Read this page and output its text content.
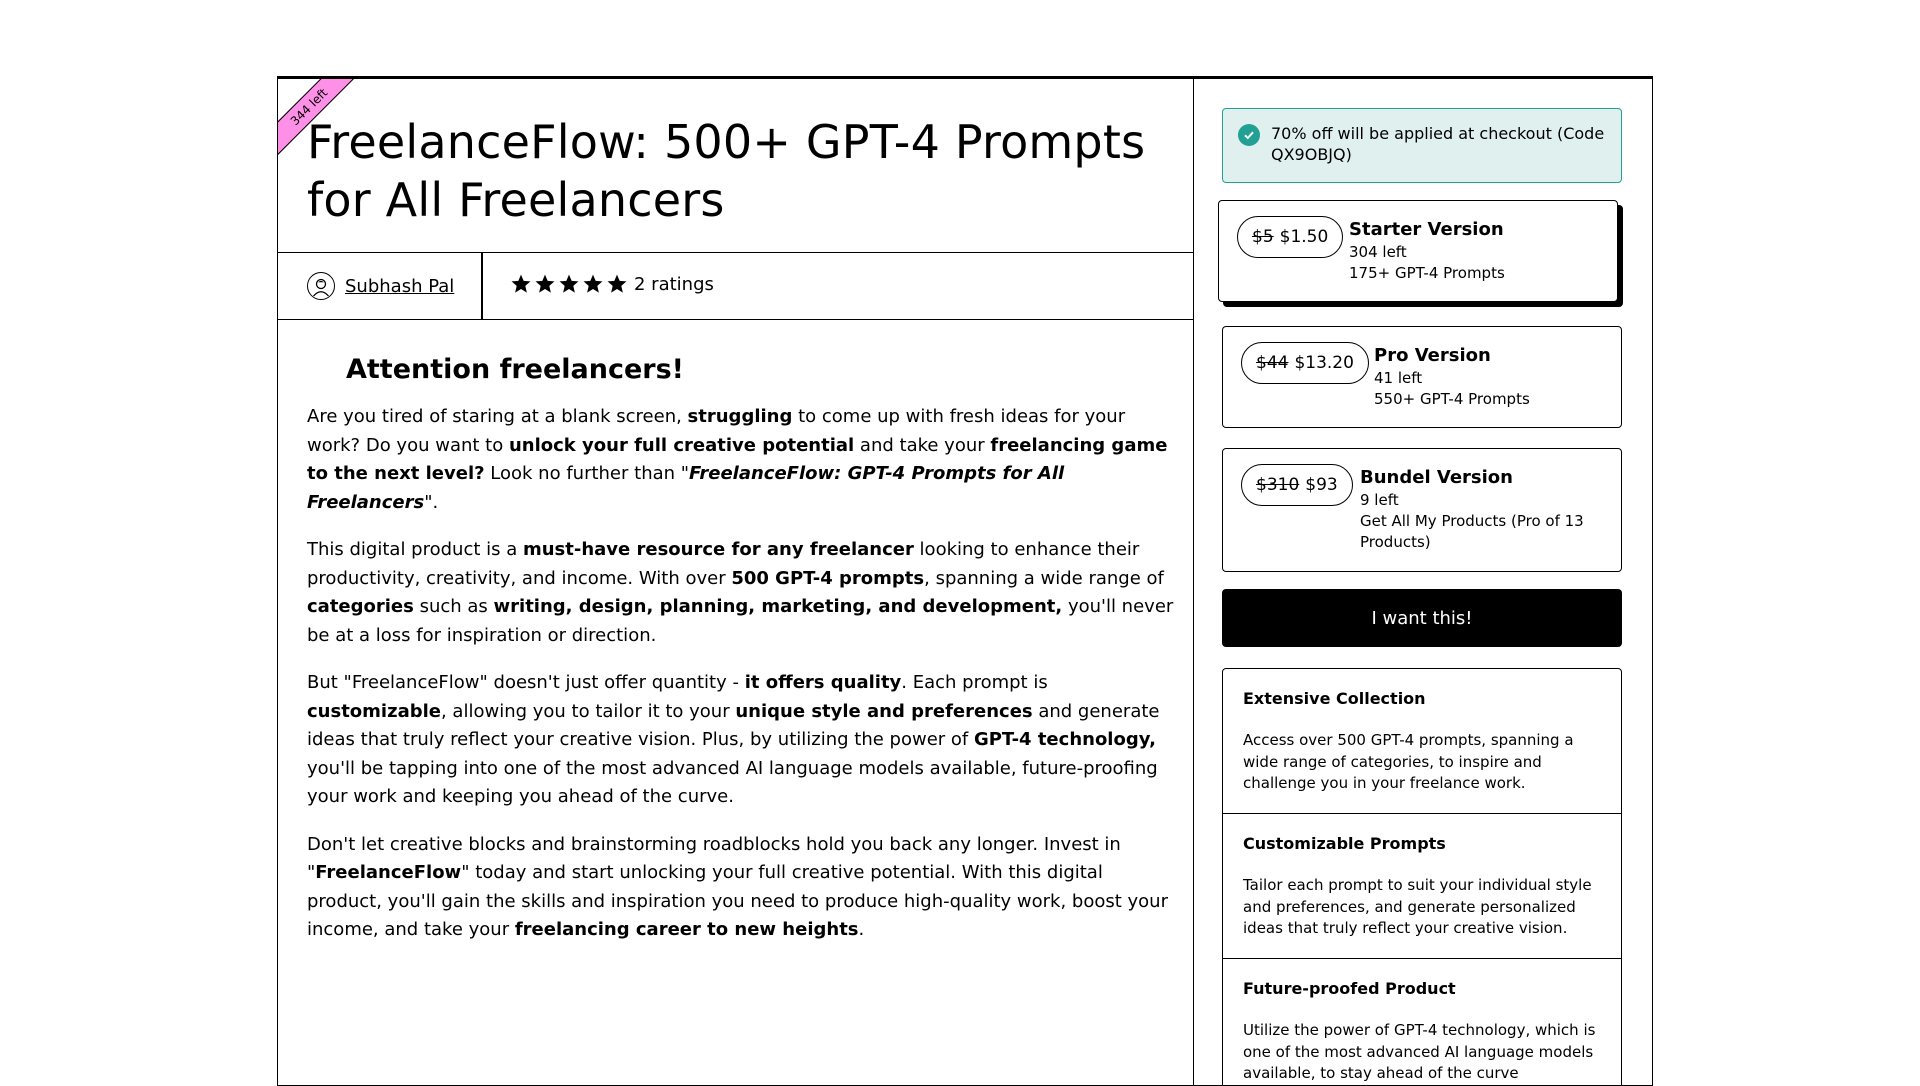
344 left
FreelanceFlow: 500+ GPT-4 Prompts for All Freelancers
Subhash Pal	2 ratings
Attention freelancers!

Are you tired of staring at a blank screen, struggling to come up with fresh ideas for your work? Do you want to unlock your full creative potential and take your freelancing game to the next level? Look no further than "FreelanceFlow: GPT-4 Prompts for All Freelancers".

This digital product is a must-have resource for any freelancer looking to enhance their productivity, creativity, and income. With over 500 GPT-4 prompts, spanning a wide range of categories such as writing, design, planning, marketing, and development, you'll never be at a loss for inspiration or direction.

But "FreelanceFlow" doesn't just offer quantity - it offers quality. Each prompt is customizable, allowing you to tailor it to your unique style and preferences and generate ideas that truly reflect your creative vision. Plus, by utilizing the power of GPT-4 technology, you'll be tapping into one of the most advanced AI language models available, future-proofing your work and keeping you ahead of the curve.

Don't let creative blocks and brainstorming roadblocks hold you back any longer. Invest in "FreelanceFlow" today and start unlocking your full creative potential. With this digital product, you'll gain the skills and inspiration you need to produce high-quality work, boost your income, and take your freelancing career to new heights.

70% off will be applied at checkout (Code QX9OBJQ)
$5 $1.50 Starter Version
304 left
175+ GPT-4 Prompts
$44 $13.20 Pro Version
41 left
550+ GPT-4 Prompts
$310 $93 Bundel Version
9 left
Get All My Products (Pro of 13 Products)
I want this!
Extensive Collection
Access over 500 GPT-4 prompts, spanning a wide range of categories, to inspire and challenge you in your freelance work.
Customizable Prompts
Tailor each prompt to suit your individual style and preferences, and generate personalized ideas that truly reflect your creative vision.
Future-proofed Product
Utilize the power of GPT-4 technology, which is one of the most advanced AI language models available, to stay ahead of the curve
